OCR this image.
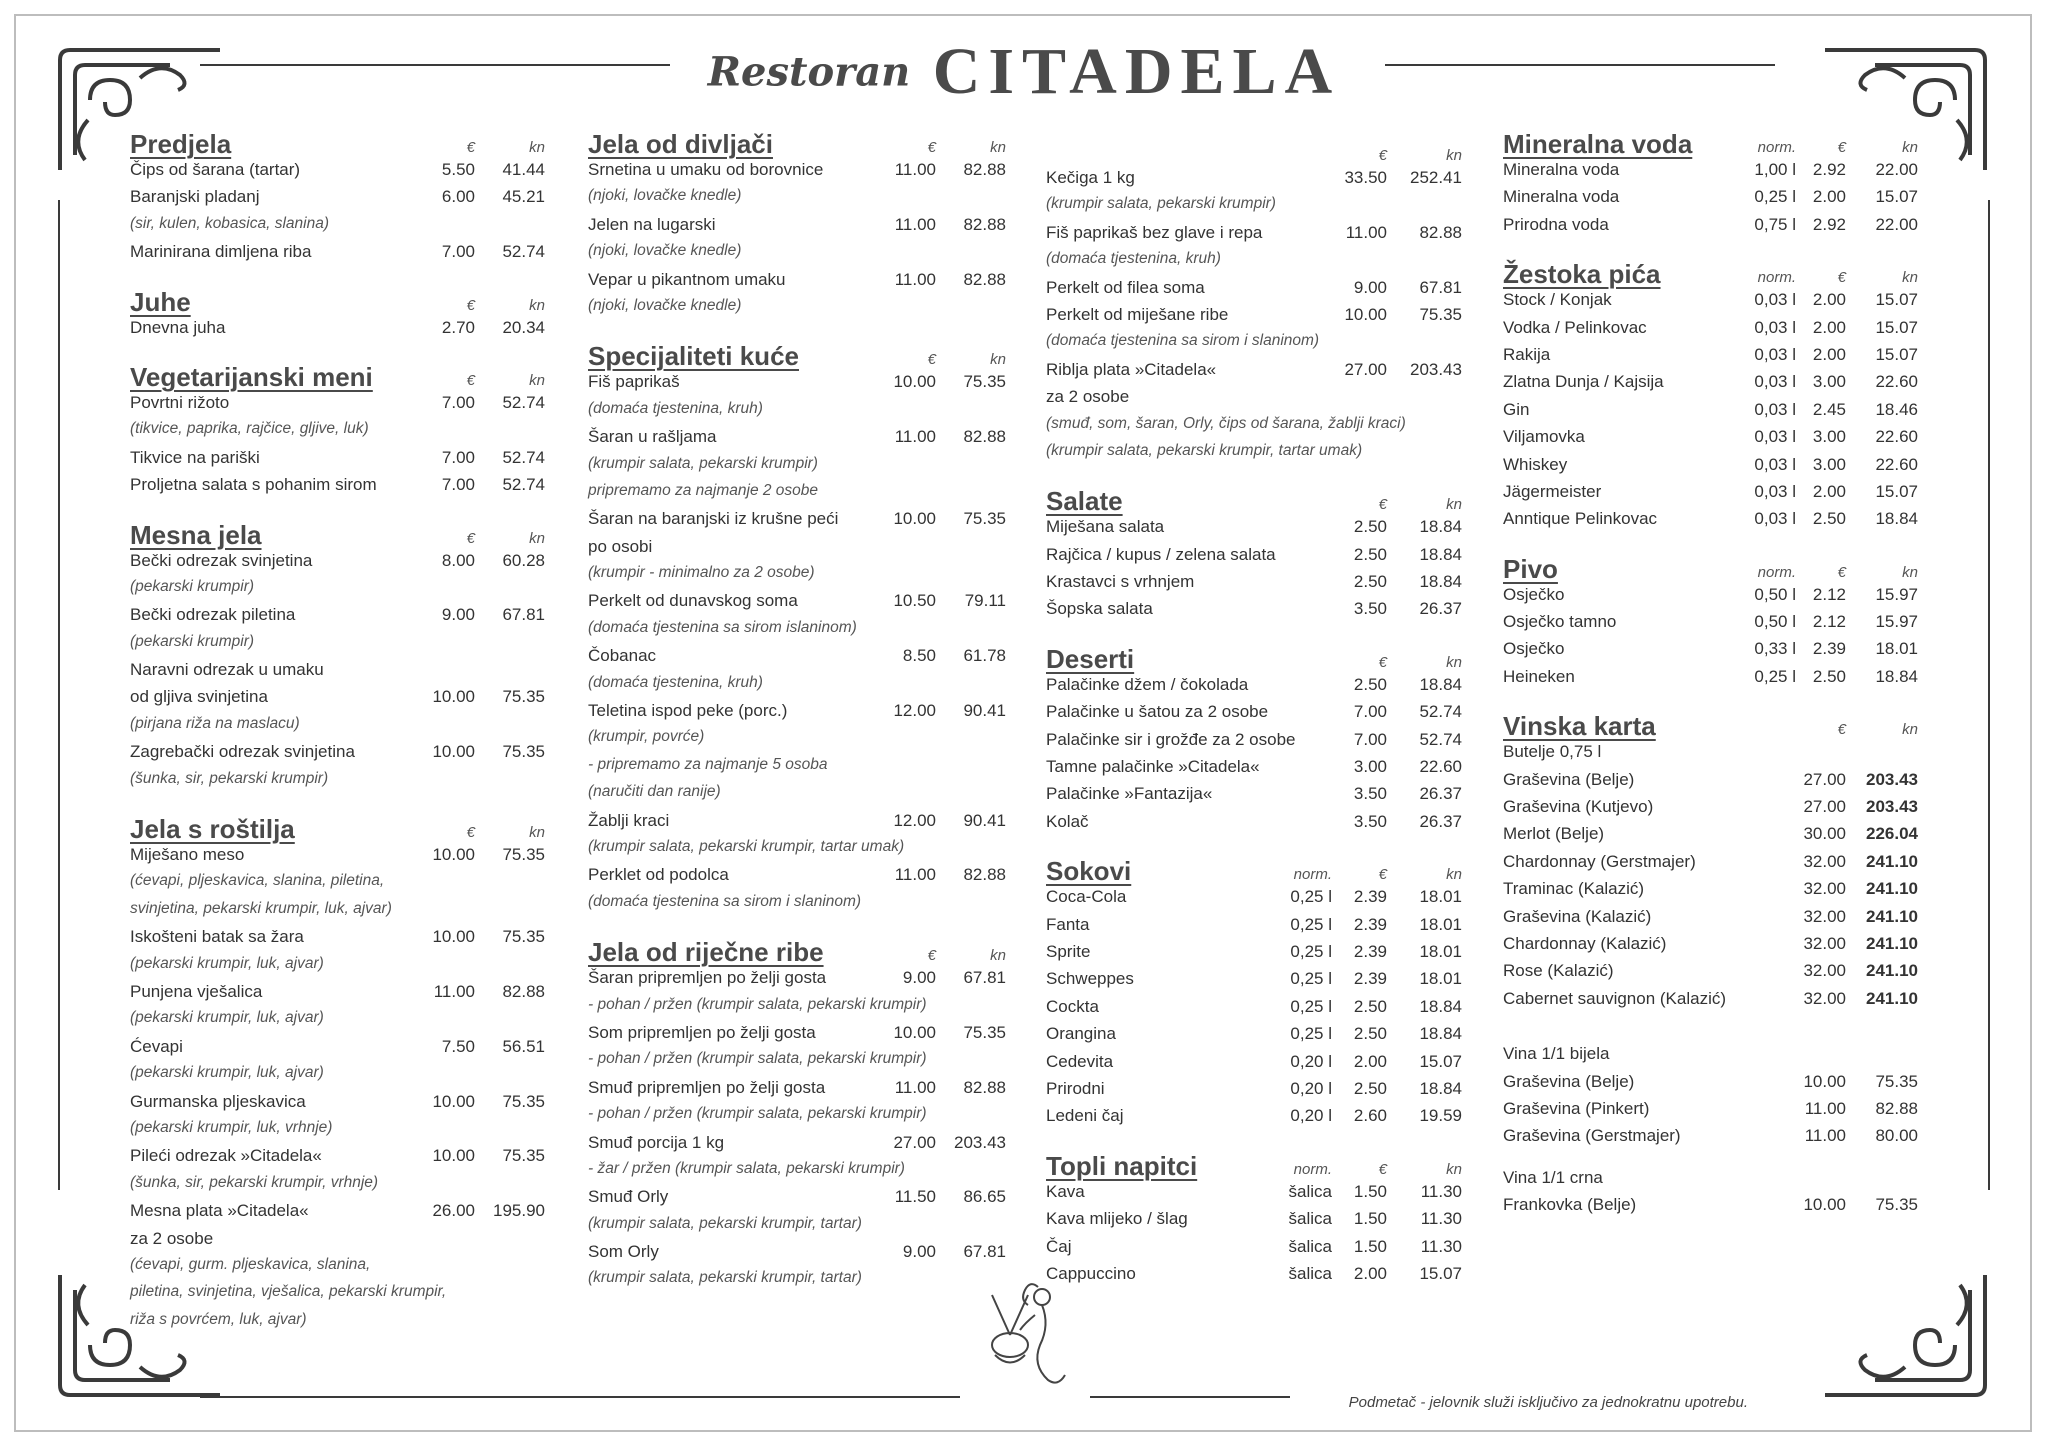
Restoran CITADELA
Predjela	€	kn
Čips od šarana (tartar)	5.50	41.44
Baranjski pladanj	6.00	45.21
(sir, kulen, kobasica, slanina)
Marinirana dimljena riba	7.00	52.74
Juhe	€	kn
Dnevna juha	2.70	20.34
Vegetarijanski meni	€	kn
Povrtni rižoto	7.00	52.74
(tikvice, paprika, rajčice, gljive, luk)
Tikvice na pariški	7.00	52.74
Proljetna salata s pohanim sirom	7.00	52.74
Mesna jela	€	kn
Bečki odrezak svinjetina	8.00	60.28
(pekarski krumpir)
Bečki odrezak piletina	9.00	67.81
(pekarski krumpir)
Naravni odrezak u umaku
od gljiva svinjetina	10.00	75.35
(pirjana riža na maslacu)
Zagrebački odrezak svinjetina	10.00	75.35
(šunka, sir, pekarski krumpir)
Jela s roštilja	€	kn
Miješano meso	10.00	75.35
(ćevapi, pljeskavica, slanina, piletina,
svinjetina, pekarski krumpir, luk, ajvar)
Iskošteni batak sa žara	10.00	75.35
(pekarski krumpir, luk, ajvar)
Punjena vješalica	11.00	82.88
(pekarski krumpir, luk, ajvar)
Ćevapi	7.50	56.51
(pekarski krumpir, luk, ajvar)
Gurmanska pljeskavica	10.00	75.35
(pekarski krumpir, luk, vrhnje)
Pileći odrezak »Citadela«	10.00	75.35
(šunka, sir, pekarski krumpir, vrhnje)
Mesna plata »Citadela«	26.00	195.90
za 2 osobe
(ćevapi, gurm. pljeskavica, slanina,
piletina, svinjetina, vješalica, pekarski krumpir,
riža s povrćem, luk, ajvar)
Jela od divljači	€	kn
Srnetina u umaku od borovnice	11.00	82.88
(njoki, lovačke knedle)
Jelen na lugarski	11.00	82.88
(njoki, lovačke knedle)
Vepar u pikantnom umaku	11.00	82.88
(njoki, lovačke knedle)
Specijaliteti kuće	€	kn
Fiš paprikaš	10.00	75.35
(domaća tjestenina, kruh)
Šaran u rašljama	11.00	82.88
(krumpir salata, pekarski krumpir)
pripremamo za najmanje 2 osobe
Šaran na baranjski iz krušne peći	10.00	75.35
po osobi
(krumpir - minimalno za 2 osobe)
Perkelt od dunavskog soma	10.50	79.11
(domaća tjestenina sa sirom islaninom)
Čobanac	8.50	61.78
(domaća tjestenina, kruh)
Teletina ispod peke (porc.)	12.00	90.41
(krumpir, povrće)
- pripremamo za najmanje 5 osoba
(naručiti dan ranije)
Žablji kraci	12.00	90.41
(krumpir salata, pekarski krumpir, tartar umak)
Perklet od podolca	11.00	82.88
(domaća tjestenina sa sirom i slaninom)
Jela od riječne ribe	€	kn
Šaran pripremljen po želji gosta	9.00	67.81
- pohan / pržen (krumpir salata, pekarski krumpir)
Som pripremljen po želji gosta	10.00	75.35
- pohan / pržen (krumpir salata, pekarski krumpir)
Smuđ pripremljen po želji gosta	11.00	82.88
- pohan / pržen (krumpir salata, pekarski krumpir)
Smuđ porcija 1 kg	27.00	203.43
- žar / pržen (krumpir salata, pekarski krumpir)
Smuđ Orly	11.50	86.65
(krumpir salata, pekarski krumpir, tartar)
Som Orly	9.00	67.81
(krumpir salata, pekarski krumpir, tartar)
€	kn
Kečiga 1 kg	33.50	252.41
(krumpir salata, pekarski krumpir)
Fiš paprikaš bez glave i repa	11.00	82.88
(domaća tjestenina, kruh)
Perkelt od filea soma	9.00	67.81
Perkelt od miješane ribe	10.00	75.35
(domaća tjestenina sa sirom i slaninom)
Riblja plata »Citadela«	27.00	203.43
za 2 osobe
(smuđ, som, šaran, Orly, čips od šarana, žablji kraci)
(krumpir salata, pekarski krumpir, tartar umak)
Salate	€	kn
Miješana salata	2.50	18.84
Rajčica / kupus / zelena salata	2.50	18.84
Krastavci s vrhnjem	2.50	18.84
Šopska salata	3.50	26.37
Deserti	€	kn
Palačinke džem / čokolada	2.50	18.84
Palačinke u šatou za 2 osobe	7.00	52.74
Palačinke sir i grožđe za 2 osobe	7.00	52.74
Tamne palačinke »Citadela«	3.00	22.60
Palačinke »Fantazija«	3.50	26.37
Kolač	3.50	26.37
Sokovi	norm.	€	kn
Coca-Cola	0,25 l	2.39	18.01
Fanta	0,25 l	2.39	18.01
Sprite	0,25 l	2.39	18.01
Schweppes	0,25 l	2.39	18.01
Cockta	0,25 l	2.50	18.84
Orangina	0,25 l	2.50	18.84
Cedevita	0,20 l	2.00	15.07
Prirodni	0,20 l	2.50	18.84
Ledeni čaj	0,20 l	2.60	19.59
Topli napitci	norm.	€	kn
Kava	šalica	1.50	11.30
Kava mlijeko / šlag	šalica	1.50	11.30
Čaj	šalica	1.50	11.30
Cappuccino	šalica	2.00	15.07
Mineralna voda	norm.	€	kn
Mineralna voda	1,00 l 2.92	22.00
Mineralna voda	0,25 l 2.00	15.07
Prirodna voda	0,75 l 2.92	22.00
Žestoka pića	norm.	€	kn
Stock / Konjak	0,03 l 2.00	15.07
Vodka / Pelinkovac	0,03 l 2.00	15.07
Rakija	0,03 l 2.00	15.07
Zlatna Dunja / Kajsija	0,03 l 3.00	22.60
Gin	0,03 l 2.45	18.46
Viljamovka	0,03 l 3.00	22.60
Whiskey	0,03 l 3.00	22.60
Jägermeister	0,03 l 2.00	15.07
Anntique Pelinkovac	0,03 l 2.50	18.84
Pivo	norm.	€	kn
Osječko	0,50 l 2.12	15.97
Osječko tamno	0,50 l 2.12	15.97
Osječko	0,33 l 2.39	18.01
Heineken	0,25 l 2.50	18.84
Vinska karta	€	kn
Butelje 0,75 l
Graševina (Belje)	27.00	203.43
Graševina (Kutjevo)	27.00	203.43
Merlot (Belje)	30.00	226.04
Chardonnay (Gerstmajer)	32.00	241.10
Traminac (Kalazić)	32.00	241.10
Graševina (Kalazić)	32.00	241.10
Chardonnay (Kalazić)	32.00	241.10
Rose (Kalazić)	32.00	241.10
Cabernet sauvignon (Kalazić)	32.00	241.10
Vina 1/1 bijela
Graševina (Belje)	10.00	75.35
Graševina (Pinkert)	11.00	82.88
Graševina (Gerstmajer)	11.00	80.00
Vina 1/1 crna
Frankovka (Belje)	10.00	75.35
Podmetač - jelovnik služi isključivo za jednokratnu upotrebu.
